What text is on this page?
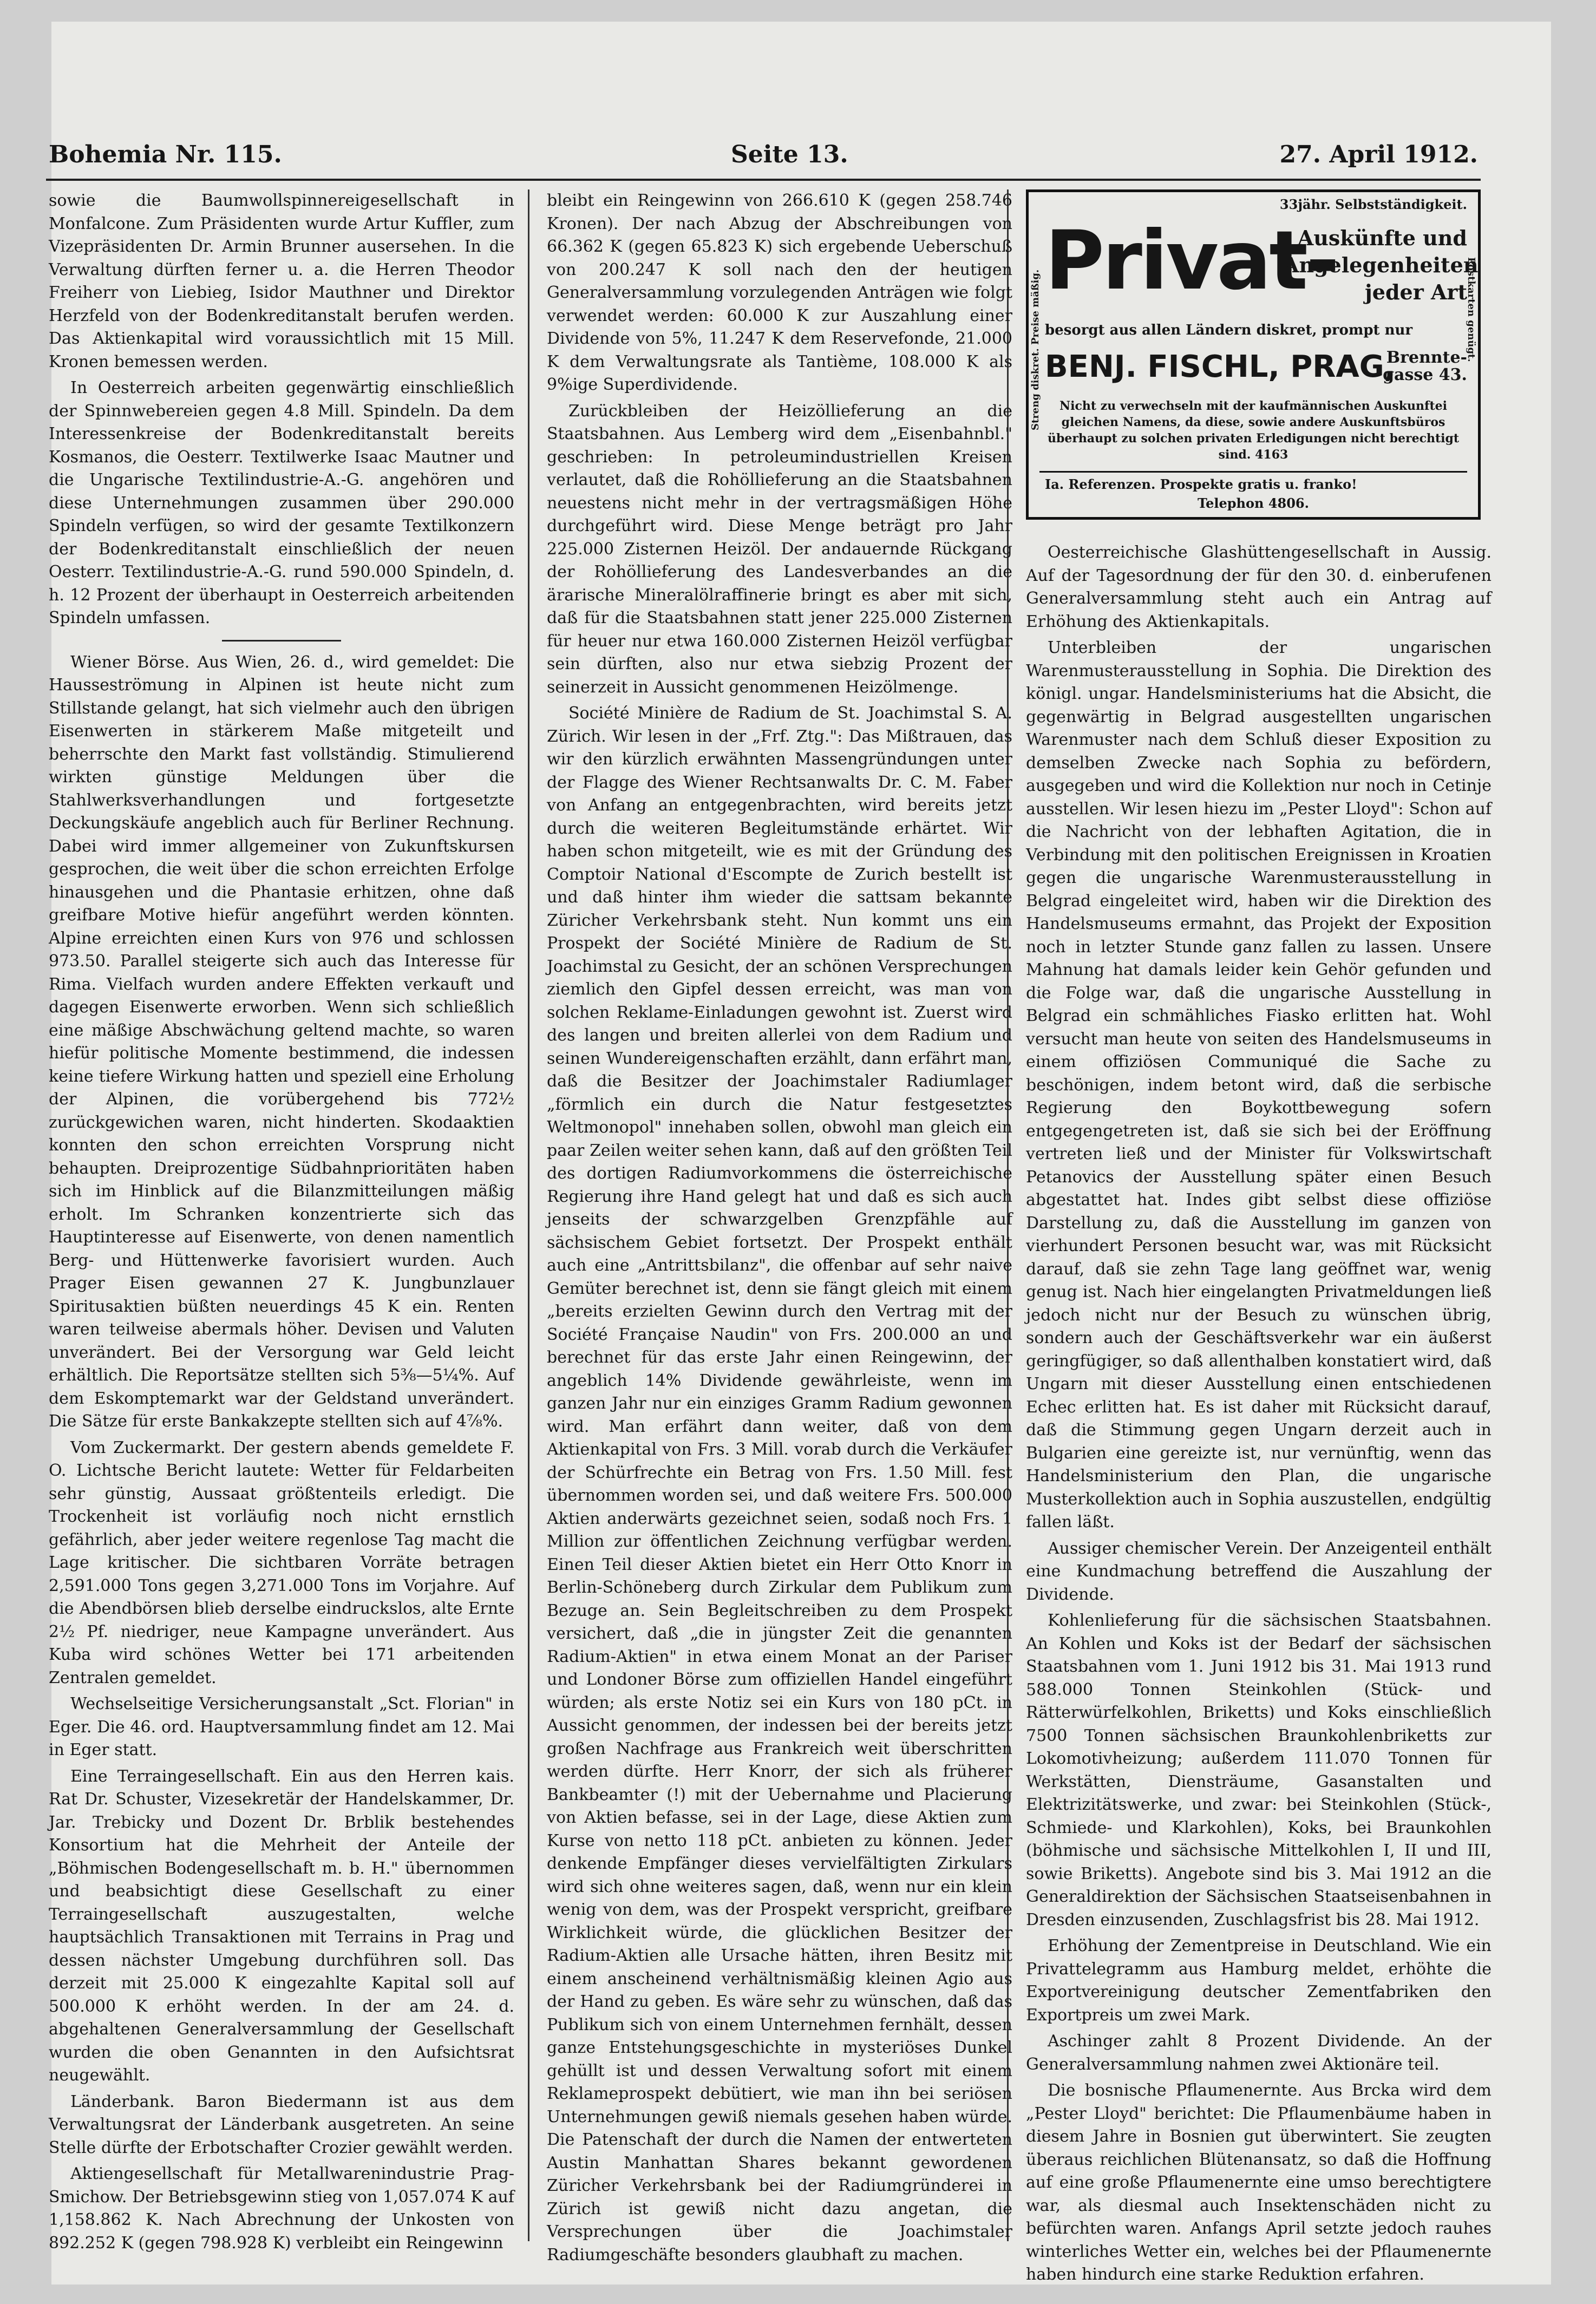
Bohemia Nr. 115.	Seite 13.	27. April 1912.

sowie die Baumwollspinnereigesellschaft in Monfalcone. Zum Präsidenten wurde Artur Kuffler, zum Vizepräsidenten Dr. Armin Brunner ausersehen. In die Verwaltung dürften ferner u. a. die Herren Theodor Freiherr von Liebieg, Isidor Mauthner und Direktor Herzfeld von der Bodenkreditanstalt berufen werden. Das Aktienkapital wird voraussichtlich mit 15 Mill. Kronen bemessen werden.

In Oesterreich arbeiten gegenwärtig einschließlich der Spinnwebereien gegen 4.8 Mill. Spindeln. Da dem Interessenkreise der Bodenkreditanstalt bereits Kosmanos, die Oesterr. Textilwerke Isaac Mautner und die Ungarische Textilindustrie-A.-G. angehören und diese Unternehmungen zusammen über 290.000 Spindeln verfügen, so wird der gesamte Textilkonzern der Bodenkreditanstalt einschließlich der neuen Oesterr. Textilindustrie-A.-G. rund 590.000 Spindeln, d. h. 12 Prozent der überhaupt in Oesterreich arbeitenden Spindeln umfassen.

Wiener Börse. Aus Wien, 26. d., wird gemeldet: Die Hausseströmung in Alpinen ist heute nicht zum Stillstande gelangt, hat sich vielmehr auch den übrigen Eisenwerten in stärkerem Maße mitgeteilt und beherrschte den Markt fast vollständig. Stimulierend wirkten günstige Meldungen über die Stahlwerksverhandlungen und fortgesetzte Deckungskäufe angeblich auch für Berliner Rechnung. Dabei wird immer allgemeiner von Zukunftskursen gesprochen, die weit über die schon erreichten Erfolge hinausgehen und die Phantasie erhitzen, ohne daß greifbare Motive hiefür angeführt werden könnten. Alpine erreichten einen Kurs von 976 und schlossen 973.50. Parallel steigerte sich auch das Interesse für Rima. Vielfach wurden andere Effekten verkauft und dagegen Eisenwerte erworben. Wenn sich schließlich eine mäßige Abschwächung geltend machte, so waren hiefür politische Momente bestimmend, die indessen keine tiefere Wirkung hatten und speziell eine Erholung der Alpinen, die vorübergehend bis 772½ zurückgewichen waren, nicht hinderten. Skodaaktien konnten den schon erreichten Vorsprung nicht behaupten. Dreiprozentige Südbahnprioritäten haben sich im Hinblick auf die Bilanzmitteilungen mäßig erholt. Im Schranken konzentrierte sich das Hauptinteresse auf Eisenwerte, von denen namentlich Berg- und Hüttenwerke favorisiert wurden. Auch Prager Eisen gewannen 27 K. Jungbunzlauer Spiritusaktien büßten neuerdings 45 K ein. Renten waren teilweise abermals höher. Devisen und Valuten unverändert. Bei der Versorgung war Geld leicht erhältlich. Die Reportsätze stellten sich 5⅜—5¼%. Auf dem Eskomptemarkt war der Geldstand unverändert. Die Sätze für erste Bankakzepte stellten sich auf 4⅞%.

Vom Zuckermarkt. Der gestern abends gemeldete F. O. Lichtsche Bericht lautete: Wetter für Feldarbeiten sehr günstig, Aussaat größtenteils erledigt. Die Trockenheit ist vorläufig noch nicht ernstlich gefährlich, aber jeder weitere regenlose Tag macht die Lage kritischer. Die sichtbaren Vorräte betragen 2,591.000 Tons gegen 3,271.000 Tons im Vorjahre. Auf die Abendbörsen blieb derselbe eindruckslos, alte Ernte 2½ Pf. niedriger, neue Kampagne unverändert. Aus Kuba wird schönes Wetter bei 171 arbeitenden Zentralen gemeldet.

Wechselseitige Versicherungsanstalt „Sct. Florian" in Eger. Die 46. ord. Hauptversammlung findet am 12. Mai in Eger statt.

Eine Terraingesellschaft. Ein aus den Herren kais. Rat Dr. Schuster, Vizesekretär der Handelskammer, Dr. Jar. Trebicky und Dozent Dr. Brblik bestehendes Konsortium hat die Mehrheit der Anteile der „Böhmischen Bodengesellschaft m. b. H." übernommen und beabsichtigt diese Gesellschaft zu einer Terraingesellschaft auszugestalten, welche hauptsächlich Transaktionen mit Terrains in Prag und dessen nächster Umgebung durchführen soll. Das derzeit mit 25.000 K eingezahlte Kapital soll auf 500.000 K erhöht werden. In der am 24. d. abgehaltenen Generalversammlung der Gesellschaft wurden die oben Genannten in den Aufsichtsrat neugewählt.

Länderbank. Baron Biedermann ist aus dem Verwaltungsrat der Länderbank ausgetreten. An seine Stelle dürfte der Erbotschafter Crozier gewählt werden.

Aktiengesellschaft für Metallwarenindustrie Prag-Smichow. Der Betriebsgewinn stieg von 1,057.074 K auf 1,158.862 K. Nach Abrechnung der Unkosten von 892.252 K (gegen 798.928 K) verbleibt ein Reingewinn

bleibt ein Reingewinn von 266.610 K (gegen 258.746 Kronen). Der nach Abzug der Abschreibungen von 66.362 K (gegen 65.823 K) sich ergebende Ueberschuß von 200.247 K soll nach den der heutigen Generalversammlung vorzulegenden Anträgen wie folgt verwendet werden: 60.000 K zur Auszahlung einer Dividende von 5%, 11.247 K dem Reservefonde, 21.000 K dem Verwaltungsrate als Tantième, 108.000 K als 9%ige Superdividende.

Zurückbleiben der Heizöllieferung an die Staatsbahnen. Aus Lemberg wird dem „Eisenbahnbl." geschrieben: In petroleumindustriellen Kreisen verlautet, daß die Rohöllieferung an die Staatsbahnen neuestens nicht mehr in der vertragsmäßigen Höhe durchgeführt wird. Diese Menge beträgt pro Jahr 225.000 Zisternen Heizöl. Der andauernde Rückgang der Rohöllieferung des Landesverbandes an die ärarische Mineralölraffinerie bringt es aber mit sich, daß für die Staatsbahnen statt jener 225.000 Zisternen für heuer nur etwa 160.000 Zisternen Heizöl verfügbar sein dürften, also nur etwa siebzig Prozent der seinerzeit in Aussicht genommenen Heizölmenge.

Société Minière de Radium de St. Joachimstal S. A. Zürich. Wir lesen in der „Frf. Ztg.": Das Mißtrauen, das wir den kürzlich erwähnten Massengründungen unter der Flagge des Wiener Rechtsanwalts Dr. C. M. Faber von Anfang an entgegenbrachten, wird bereits jetzt durch die weiteren Begleitumstände erhärtet. Wir haben schon mitgeteilt, wie es mit der Gründung des Comptoir National d'Escompte de Zurich bestellt ist und daß hinter ihm wieder die sattsam bekannte Züricher Verkehrsbank steht. Nun kommt uns ein Prospekt der Société Minière de Radium de St. Joachimstal zu Gesicht, der an schönen Versprechungen ziemlich den Gipfel dessen erreicht, was man von solchen Reklame-Einladungen gewohnt ist. Zuerst wird des langen und breiten allerlei von dem Radium und seinen Wundereigenschaften erzählt, dann erfährt man, daß die Besitzer der Joachimstaler Radiumlager „förmlich ein durch die Natur festgesetztes Weltmonopol" innehaben sollen, obwohl man gleich ein paar Zeilen weiter sehen kann, daß auf den größten Teil des dortigen Radiumvorkommens die österreichische Regierung ihre Hand gelegt hat und daß es sich auch jenseits der schwarzgelben Grenzpfähle auf sächsischem Gebiet fortsetzt. Der Prospekt enthält auch eine „Antrittsbilanz", die offenbar auf sehr naive Gemüter berechnet ist, denn sie fängt gleich mit einem „bereits erzielten Gewinn durch den Vertrag mit der Société Française Naudin" von Frs. 200.000 an und berechnet für das erste Jahr einen Reingewinn, der angeblich 14% Dividende gewährleiste, wenn im ganzen Jahr nur ein einziges Gramm Radium gewonnen wird. Man erfährt dann weiter, daß von dem Aktienkapital von Frs. 3 Mill. vorab durch die Verkäufer der Schürfrechte ein Betrag von Frs. 1.50 Mill. fest übernommen worden sei, und daß weitere Frs. 500.000 Aktien anderwärts gezeichnet seien, sodaß noch Frs. 1 Million zur öffentlichen Zeichnung verfügbar werden. Einen Teil dieser Aktien bietet ein Herr Otto Knorr in Berlin-Schöneberg durch Zirkular dem Publikum zum Bezuge an. Sein Begleitschreiben zu dem Prospekt versichert, daß „die in jüngster Zeit die genannten Radium-Aktien" in etwa einem Monat an der Pariser und Londoner Börse zum offiziellen Handel eingeführt würden; als erste Notiz sei ein Kurs von 180 pCt. in Aussicht genommen, der indessen bei der bereits jetzt großen Nachfrage aus Frankreich weit überschritten werden dürfte. Herr Knorr, der sich als früherer Bankbeamter (!) mit der Uebernahme und Placierung von Aktien befasse, sei in der Lage, diese Aktien zum Kurse von netto 118 pCt. anbieten zu können. Jeder denkende Empfänger dieses vervielfältigten Zirkulars wird sich ohne weiteres sagen, daß, wenn nur ein klein wenig von dem, was der Prospekt verspricht, greifbare Wirklichkeit würde, die glücklichen Besitzer der Radium-Aktien alle Ursache hätten, ihren Besitz mit einem anscheinend verhältnismäßig kleinen Agio aus der Hand zu geben. Es wäre sehr zu wünschen, daß das Publikum sich von einem Unternehmen fernhält, dessen ganze Entstehungsgeschichte in mysteriöses Dunkel gehüllt ist und dessen Verwaltung sofort mit einem Reklameprospekt debütiert, wie man ihn bei seriösen Unternehmungen gewiß niemals gesehen haben würde. Die Patenschaft der durch die Namen der entwerteten Austin Manhattan Shares bekannt gewordenen Züricher Verkehrsbank bei der Radiumgründerei in Zürich ist gewiß nicht dazu angetan, die Versprechungen über die Joachimstaler Radiumgeschäfte besonders glaubhaft zu machen.

33jähr. Selbstständigkeit.
Privat-
Auskünfte und
Angelegenheiten
jeder Art
besorgt aus allen Ländern diskret, prompt nur
BENJ. FISCHL, PRAG,
Brennte-
gasse 43.
Nicht zu verwechseln mit der kaufmännischen Auskunftei gleichen Namens, da diese, sowie andere Auskunftsbüros überhaupt zu solchen privaten Erledigungen nicht berechtigt sind. 4163
Ia. Referenzen. Prospekte gratis u. franko!
Telephon 4806.
Streng diskret. Preise mäßig.	Postkarten genügt.

Oesterreichische Glashüttengesellschaft in Aussig. Auf der Tagesordnung der für den 30. d. einberufenen Generalversammlung steht auch ein Antrag auf Erhöhung des Aktienkapitals.

Unterbleiben der ungarischen Warenmusterausstellung in Sophia. Die Direktion des königl. ungar. Handelsministeriums hat die Absicht, die gegenwärtig in Belgrad ausgestellten ungarischen Warenmuster nach dem Schluß dieser Exposition zu demselben Zwecke nach Sophia zu befördern, ausgegeben und wird die Kollektion nur noch in Cetinje ausstellen. Wir lesen hiezu im „Pester Lloyd": Schon auf die Nachricht von der lebhaften Agitation, die in Verbindung mit den politischen Ereignissen in Kroatien gegen die ungarische Warenmusterausstellung in Belgrad eingeleitet wird, haben wir die Direktion des Handelsmuseums ermahnt, das Projekt der Exposition noch in letzter Stunde ganz fallen zu lassen. Unsere Mahnung hat damals leider kein Gehör gefunden und die Folge war, daß die ungarische Ausstellung in Belgrad ein schmähliches Fiasko erlitten hat. Wohl versucht man heute von seiten des Handelsmuseums in einem offiziösen Communiqué die Sache zu beschönigen, indem betont wird, daß die serbische Regierung den Boykottbewegung sofern entgegengetreten ist, daß sie sich bei der Eröffnung vertreten ließ und der Minister für Volkswirtschaft Petanovics der Ausstellung später einen Besuch abgestattet hat. Indes gibt selbst diese offiziöse Darstellung zu, daß die Ausstellung im ganzen von vierhundert Personen besucht war, was mit Rücksicht darauf, daß sie zehn Tage lang geöffnet war, wenig genug ist. Nach hier eingelangten Privatmeldungen ließ jedoch nicht nur der Besuch zu wünschen übrig, sondern auch der Geschäftsverkehr war ein äußerst geringfügiger, so daß allenthalben konstatiert wird, daß Ungarn mit dieser Ausstellung einen entschiedenen Echec erlitten hat. Es ist daher mit Rücksicht darauf, daß die Stimmung gegen Ungarn derzeit auch in Bulgarien eine gereizte ist, nur vernünftig, wenn das Handelsministerium den Plan, die ungarische Musterkollektion auch in Sophia auszustellen, endgültig fallen läßt.

Aussiger chemischer Verein. Der Anzeigenteil enthält eine Kundmachung betreffend die Auszahlung der Dividende.

Kohlenlieferung für die sächsischen Staatsbahnen. An Kohlen und Koks ist der Bedarf der sächsischen Staatsbahnen vom 1. Juni 1912 bis 31. Mai 1913 rund 588.000 Tonnen Steinkohlen (Stück- und Rätterwürfelkohlen, Briketts) und Koks einschließlich 7500 Tonnen sächsischen Braunkohlenbriketts zur Lokomotivheizung; außerdem 111.070 Tonnen für Werkstätten, Diensträume, Gasanstalten und Elektrizitätswerke, und zwar: bei Steinkohlen (Stück-, Schmiede- und Klarkohlen), Koks, bei Braunkohlen (böhmische und sächsische Mittelkohlen I, II und III, sowie Briketts). Angebote sind bis 3. Mai 1912 an die Generaldirektion der Sächsischen Staatseisenbahnen in Dresden einzusenden, Zuschlagsfrist bis 28. Mai 1912.

Erhöhung der Zementpreise in Deutschland. Wie ein Privattelegramm aus Hamburg meldet, erhöhte die Exportvereinigung deutscher Zementfabriken den Exportpreis um zwei Mark.

Aschinger zahlt 8 Prozent Dividende. An der Generalversammlung nahmen zwei Aktionäre teil.

Die bosnische Pflaumenernte. Aus Brcka wird dem „Pester Lloyd" berichtet: Die Pflaumenbäume haben in diesem Jahre in Bosnien gut überwintert. Sie zeugten überaus reichlichen Blütenansatz, so daß die Hoffnung auf eine große Pflaumenernte eine umso berechtigtere war, als diesmal auch Insektenschäden nicht zu befürchten waren. Anfangs April setzte jedoch rauhes winterliches Wetter ein, welches bei der Pflaumenernte haben hindurch eine starke Reduktion erfahren.
